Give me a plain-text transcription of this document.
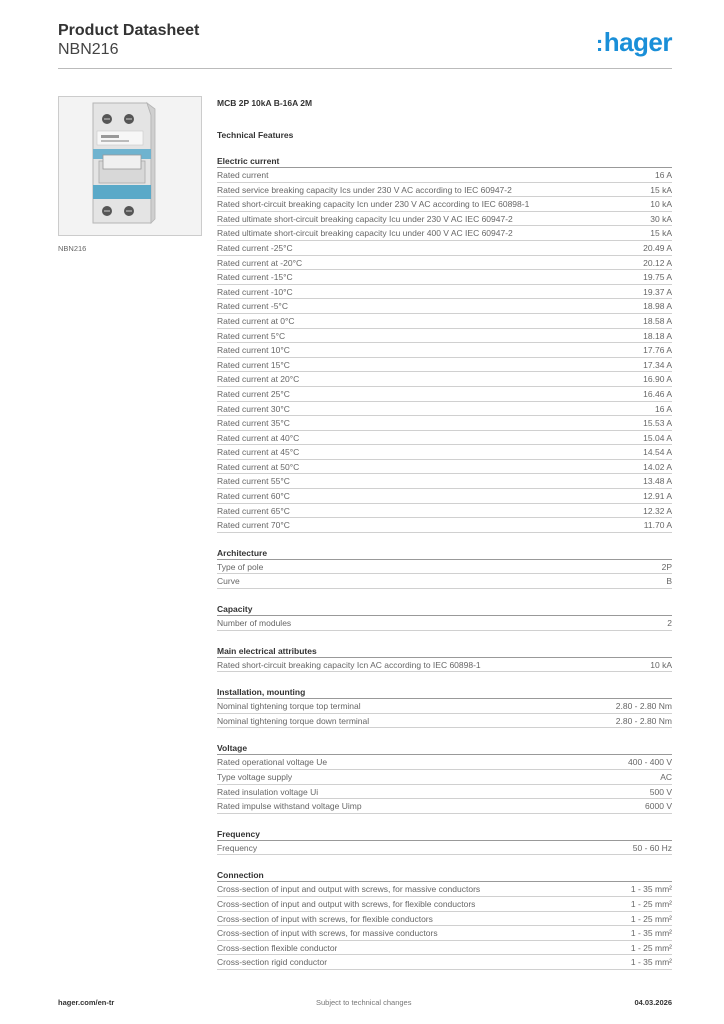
Product Datasheet
NBN216	:hager
NBN216
MCB 2P 10kA B-16A 2M
Technical Features
Electric current
Rated current	16 A
Rated service breaking capacity Ics under 230 V AC according to IEC 60947-2	15 kA
Rated short-circuit breaking capacity Icn under 230 V AC according to IEC 60898-1	10 kA
Rated ultimate short-circuit breaking capacity Icu under 230 V AC IEC 60947-2	30 kA
Rated ultimate short-circuit breaking capacity Icu under 400 V AC IEC 60947-2	15 kA
Rated current -25°C	20.49 A
Rated current at -20°C	20.12 A
Rated current -15°C	19.75 A
Rated current -10°C	19.37 A
Rated current -5°C	18.98 A
Rated current at 0°C	18.58 A
Rated current 5°C	18.18 A
Rated current 10°C	17.76 A
Rated current 15°C	17.34 A
Rated current at 20°C	16.90 A
Rated current 25°C	16.46 A
Rated current 30°C	16 A
Rated current 35°C	15.53 A
Rated current at 40°C	15.04 A
Rated current at 45°C	14.54 A
Rated current at 50°C	14.02 A
Rated current 55°C	13.48 A
Rated current 60°C	12.91 A
Rated current 65°C	12.32 A
Rated current 70°C	11.70 A
Architecture
Type of pole	2P
Curve	B
Capacity
Number of modules	2
Main electrical attributes
Rated short-circuit breaking capacity Icn AC according to IEC 60898-1	10 kA
Installation, mounting
Nominal tightening torque top terminal	2.80 - 2.80 Nm
Nominal tightening torque down terminal	2.80 - 2.80 Nm
Voltage
Rated operational voltage Ue	400 - 400 V
Type voltage supply	AC
Rated insulation voltage Ui	500 V
Rated impulse withstand voltage Uimp	6000 V
Frequency
Frequency	50 - 60 Hz
Connection
Cross-section of input and output with screws, for massive conductors	1 - 35 mm²
Cross-section of input and output with screws, for flexible conductors	1 - 25 mm²
Cross-section of input with screws, for flexible conductors	1 - 25 mm²
Cross-section of input with screws, for massive conductors	1 - 35 mm²
Cross-section flexible conductor	1 - 25 mm²
Cross-section rigid conductor	1 - 35 mm²
hager.com/en-tr	Subject to technical changes	04.03.2026
